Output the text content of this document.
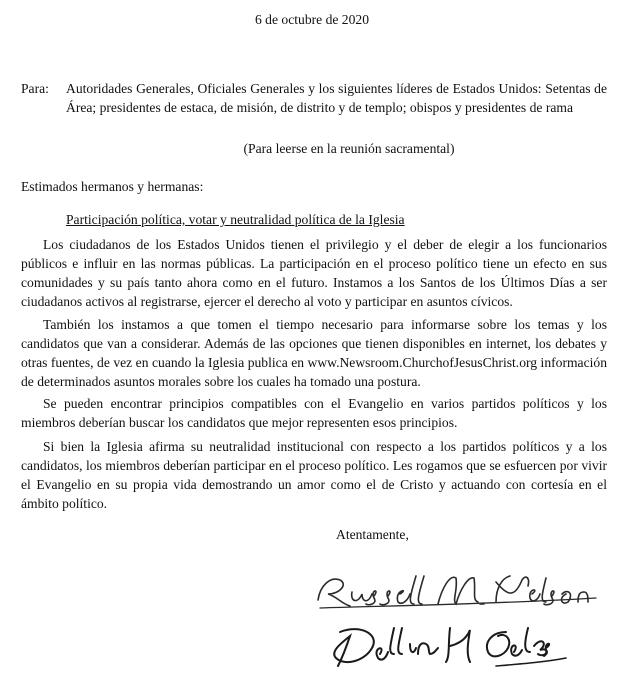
6 de octubre de 2020
Para: Autoridades Generales, Oficiales Generales y los siguientes líderes de Estados Unidos: Setentas de Área; presidentes de estaca, de misión, de distrito y de templo; obispos y presidentes de rama
(Para leerse en la reunión sacramental)
Estimados hermanos y hermanas:
Participación política, votar y neutralidad política de la Iglesia
Los ciudadanos de los Estados Unidos tienen el privilegio y el deber de elegir a los funcionarios públicos e influir en las normas públicas. La participación en el proceso político tiene un efecto en sus comunidades y su país tanto ahora como en el futuro. Instamos a los Santos de los Últimos Días a ser ciudadanos activos al registrarse, ejercer el derecho al voto y participar en asuntos cívicos.
También los instamos a que tomen el tiempo necesario para informarse sobre los temas y los candidatos que van a considerar. Además de las opciones que tienen disponibles en internet, los debates y otras fuentes, de vez en cuando la Iglesia publica en www.Newsroom.ChurchofJesusChrist.org información de determinados asuntos morales sobre los cuales ha tomado una postura.
Se pueden encontrar principios compatibles con el Evangelio en varios partidos políticos y los miembros deberían buscar los candidatos que mejor representen esos principios.
Si bien la Iglesia afirma su neutralidad institucional con respecto a los partidos políticos y a los candidatos, los miembros deberían participar en el proceso político. Les rogamos que se esfuercen por vivir el Evangelio en su propia vida demostrando un amor como el de Cristo y actuando con cortesía en el ámbito político.
Atentamente,
